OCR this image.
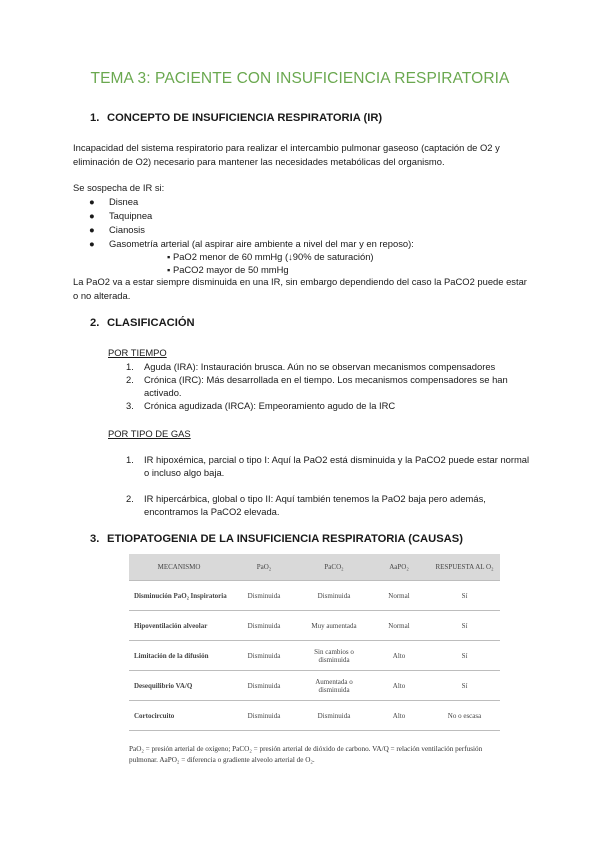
TEMA 3: PACIENTE CON INSUFICIENCIA RESPIRATORIA
1. CONCEPTO DE INSUFICIENCIA RESPIRATORIA (IR)
Incapacidad del sistema respiratorio para realizar el intercambio pulmonar gaseoso (captación de O2 y eliminación de O2) necesario para mantener las necesidades metabólicas del organismo.
Se sospecha de IR si:
● Disnea
● Taquipnea
● Cianosis
● Gasometría arterial (al aspirar aire ambiente a nivel del mar y en reposo):
▪ PaO2 menor de 60 mmHg (↓90% de saturación)
▪ PaCO2 mayor de 50 mmHg
La PaO2 va a estar siempre disminuida en una IR, sin embargo dependiendo del caso la PaCO2 puede estar o no alterada.
2. CLASIFICACIÓN
POR TIEMPO
1. Aguda (IRA): Instauración brusca. Aún no se observan mecanismos compensadores
2. Crónica (IRC): Más desarrollada en el tiempo. Los mecanismos compensadores se han activado.
3. Crónica agudizada (IRCA): Empeoramiento agudo de la IRC
POR TIPO DE GAS
1. IR hipoxémica, parcial o tipo I: Aquí la PaO2 está disminuida y la PaCO2 puede estar normal o incluso algo baja.
2. IR hipercárbica, global o tipo II: Aquí también tenemos la PaO2 baja pero además, encontramos la PaCO2 elevada.
3. ETIOPATOGENIA DE LA INSUFICIENCIA RESPIRATORIA (CAUSAS)
MECANISMO	PaO₂	PaCO₂	AaPO₂	RESPUESTA AL O₂
Disminución PaO₂ Inspiratoria	Disminuida	Disminuida	Normal	Sí
Hipoventilación alveolar	Disminuida	Muy aumentada	Normal	Sí
Limitación de la difusión	Disminuida	Sin cambios o disminuida	Alto	Sí
Desequilibrio VA/Q	Disminuida	Aumentada o disminuida	Alto	Sí
Cortocircuito	Disminuida	Disminuida	Alto	No o escasa
PaO₂ = presión arterial de oxígeno; PaCO₂ = presión arterial de dióxido de carbono. VA/Q = relación ventilación perfusión pulmonar. AaPO₂ = diferencia o gradiente alveolo arterial de O₂.
